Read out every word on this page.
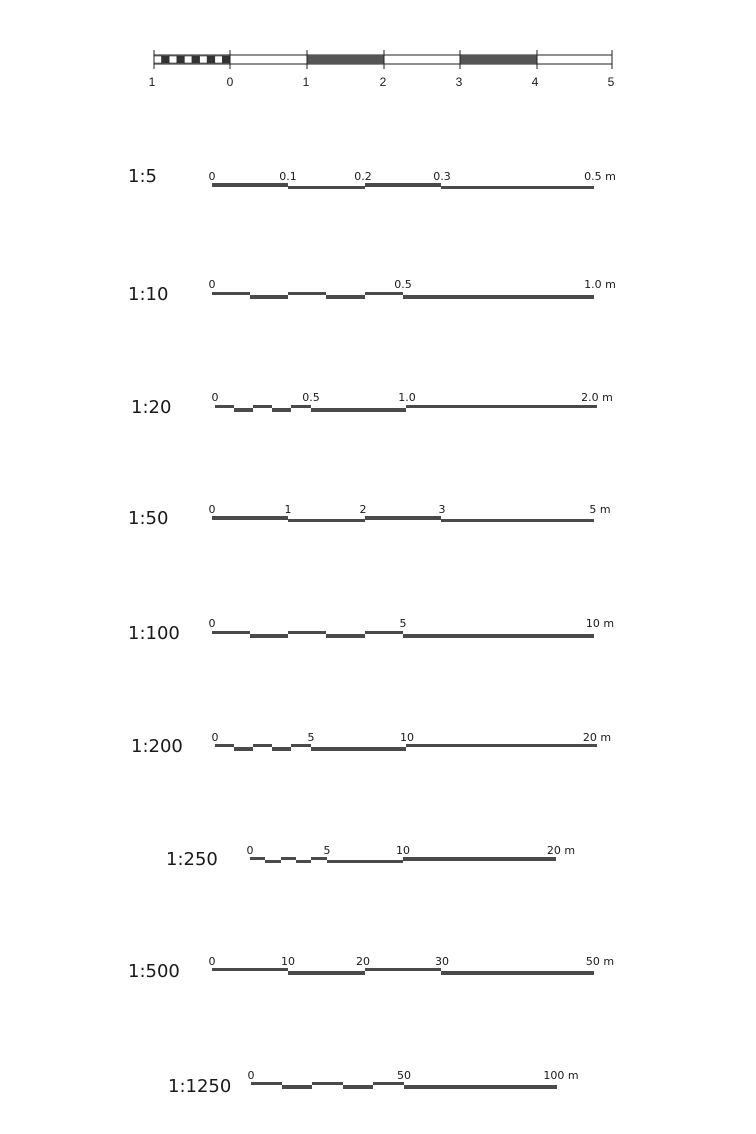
1	0	1	2	3	4	5
1:5	0	0.1	0.2	0.3	0.5 m
1:10	0	0.5	1.0 m
1:20	0	0.5	1.0	2.0 m
1:50	0	1	2	3	5 m
1:100	0	5	10 m
1:200	0	5	10	20 m
1:250	0	5	10	20 m
1:500	0	10	20	30	50 m
1:1250
0	50	100 m
